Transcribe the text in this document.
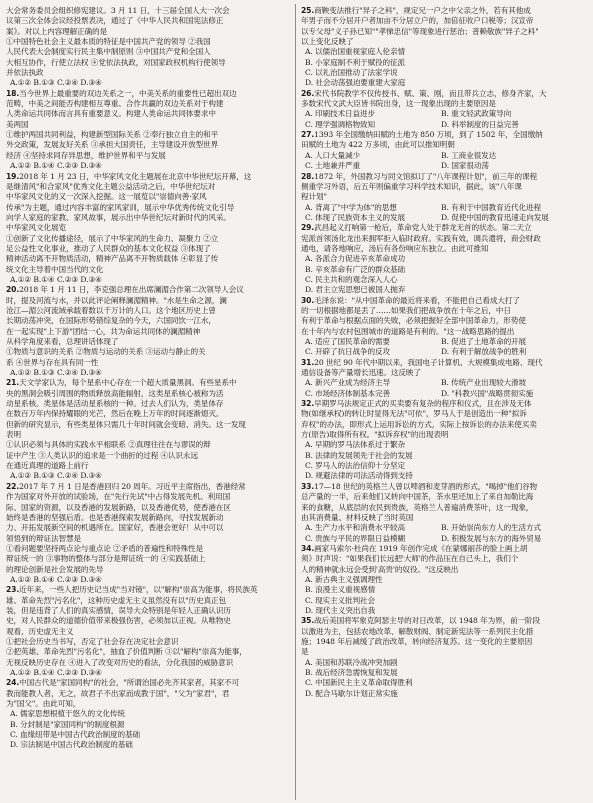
大会常务委员会组织修宪建议。3 月 11 日，十三届全国人大一次会
议第三次全体会议经投票表决，通过了《中华人民共和国宪法修正
案》。对以上内容理解正确的是
①中国特色社会主义最本质的特征是中国共产党的领导 ②我国
人民代表大会制度实行民主集中制原则 ③中国共产党和全国人
大相互协作，行使立法权 ④党依法执政，对国家政权机构行使领导
并依法执政
A.①② B.①③ C.②④ D.③④
18.当今世界上最重要的双边关系之一，中美关系的重要性已超出双边
范畴，中美之间能否构建相互尊重、合作共赢的双边关系对于构建
人类命运共同体而言具有重要意义。构建人类命运共同体要求中
美两国
①维护两国共同利益，构建新型国际关系 ②奉行独立自主的和平
外交政策，发展友好关系 ③承担大国责任，主导建设开放型世界
经济 ④坚持求同存异思想，维护世界和平与发展
A.①② B.①④ C.②③ D.③④
19.2018 年 1 月 23 日，中华家风文化主题展在北京中华世纪坛开幕，这
是继清风"和合家风"优秀文化主题公益活动之后，中华世纪坛对
中华家风文化的又一次深入挖掘。这一展览以"崇德向善·家风
传承"为主题，通过内容丰富的家风家训，展示中华优秀传统文化引导
向学人家庭的家教、家风故事，展示出中华世纪坛对新时代的风采。
中华家风文化展览
①创新了文化传播途径，展示了中华家风的生命力、凝聚力 ②立
足公益性文化事业，推动了人民群众的基本文化权益 ③体现了
精神活动离不开物质活动，精神产品离不开物质载体 ④彰显了传
统文化主导着中国当代的文化
A.①② B.①④ C.②③ D.③④
20.2018 年 1 月 11 日，李克强总理在出席澜湄合作第二次领导人会议
时，提及河流与水，并以此评论阐释澜湄精神。"水是生命之源，澜
沧江—湄公河流域承载着数以千万计的人口。这个地区历史上曾
长期动荡冲突，在国际形势错综复杂的今天，六国同饮一江水，
在一起实现"上下游"团结一心，共为命运共同体的澜湄精神
从科学角度来看，总理讲话体现了
①物质与意识的关系 ②物质与运动的关系 ③运动与静止的关
系 ④世界与存在具有同一性
A.①② B.①③ C.②④ D.③④
21.天文学家认为，每个星系中心存在一个超大质量黑洞。有些星系中
央的黑洞会吸引周围的物质释放高能辐射，这类星系核心被称为活
动星系核。类星体是活动星系核的一种。过去人们认为，类星体存
在数百万年内保持耀眼的光芒，然后在晚上万年的时间逐渐熄灭。
但新的研究显示，有些类星体只需几十年时间就会变暗、消失。这一发现
表明
①认识必须与具体的实践水平相联系 ②真理往往在与谬误的辩
证中产生 ③人类认识的追求是一个曲折的过程 ④认识永远
在通近真理的道路上前行
A.①② B.①③ C.②④ D.③④
22.2017 年 7 月 1 日是香港回归 20 周年。习近平主席指出，香港经常
作为国家对外开放的试验场，在"先行先试"中占得发展先机。利用国
际、国家的资源，以及香港的发展新路，以及香港优势，使香港在区
始终是香港的坚强后盾。也是香港探索发展新路向，寻找发展新动
力、开拓发展新空间的机遇所在。国家好，香港会更好！从中可以
领悟到的辩证法智慧是
①看问题要坚持两点论与重点论 ②矛盾的普遍性和特殊性是
辩证统一的 ③事物的整体与部分是辩证统一的 ④实践基础上
的理论创新是社会发展的先导
A.①② B.①④ C.②③ D.③④
23.近年来，一些人把历史记当成"当对镜"，以"解构"崇高为能事，将民族英
雄、革命先烈"污名化"，这种历史虚无主义虽然没有以"历史真正包
装，但是违背了人们的真实感情，误导大众特别是年轻人正确认识历
史，对人民群众的道德价值带来极强伤害，必须加以正视。从唯物史
观看，历史虚无主义
①把社会历史当书写，否定了社会存在决定社会意识
②把英雄、革命先烈"污名化"，抽血了价值判断 ③以"解构"崇高为能事，
无视反映历史存在 ④进入了改变对历史的看法，分化我国的威胁意识
A.①② B.①④ C.②③ D.③④
24.中国古代是"家国同构"的社会，"所谓治国必先齐其家者，其家不可
教而能教人者，无之，故君子不出家而成教于国"，"父为"家君"，君
为"国父"。由此可知，
A. 儒家思想根植于悠久的文化传统
B. 分封制是"家国同构"的制度根源
C. 血缘纽带是中国古代政治制度的基础
D. 宗法制是中国古代政治制度的基础
25.商鞅变法推行"异子之科"，规定兄一户之中父亲之外，若有其他成
年男子而不分居开户者加亩不分居立户的，加倍征收户口税等；汉宣帝
以专父母"义子孙已知""孝悌忠信"等现象进行惩治；普赖敬族"异子之科"
以上变化反映了
A. 以儒治国重视家庭人伦亲情
B. 小家庭制不利于赋役的征派
C. 以礼治国推动了法家学说
D. 社会动荡强迫要重建大家庭
26.宋代书院教学不仅传授书、赋、策、刚，而且带兵立志，修身齐家，大
多数宋代文武大臣皆书院出身，这一现象出现的主要原因是
A. 印刷技术日益进步	B. 重文轻武政策导向
C. 理学强调格物致知	D. 科举制度的日益完善
27.1393 年全国缴纳田赋的土地为 850 万顷，到了 1502 年，全国缴纳
田赋的土地为 422 万多顷，由此可以推知明朝
A. 人口大量减少	B. 工商业很发达
C. 土地兼并严重	D. 国家很动荡
28.1872 年，外国教习与同文馆拟订了"八年课程计划"，前三年的课程
侧重学习外语，后五年则偏重学习科学技术知识，据此，该"八年课
程计划"
A. 背离了"中学为体"的思想	B. 有利于中国教育近代化进程
C. 体现了民族资本主义的发展	D. 促使中国的教育迅速走向发展
29.武昌起义打响第一枪后，革命党人处于群龙无首的状态。第二天立
宪派首领汤化龙出来拥军拒入临时政府。实践有效，调兵遣将，商会财政
通电，请各地响应，汤后有各份响应东独立。由此可推知
A. 各派合力促进辛亥革命成功
B. 辛亥革命有广泛的群众基础
C. 民主共和的观念深入人心
D. 君主立宪思想已被国人抛弃
30.毛泽东说："从中国革命的最近将来看，不能把自己看成大打了
的一切根据地都是丢了……如果我们把战争放在十年之后，中日
有利于革命与根据点面的失败，必须把握好全部中国革命力，形势使
在十年内与农村包围城市的道路是有利的。"这一战略思路的提出
A. 适应了国民革命的需要	B. 促进了土地革命的开展
C. 开辟了抗日战争的反攻	D. 有利于解放战争的胜利
31.20 世纪 90 年代中期以来，我国电子计算机、大规模集成电路、现代
通信设备等产量增长迅速。这反映了
A. 新兴产业成为经济主导	B. 传统产业出现较大滑坡
C. 市场经济体制基本完善	D. "科教兴国"战略贯彻实施
32.早期罗马法规定正式的买卖要有复杂的程序和仪式，且在涉及无体
物(如继承权)的转让时显得无法"可依"，罗马人于是创造出一种"拟诉
弃权"的办法，即形式上运用诉讼的方式，实际上按诉讼的办法来使买卖
方(原告)取得所有权。"拟诉弃权"的出现表明
A. 早期的罗马法体系过于繁杂
B. 法律的发展领先于社会的发展
C. 罗马人的法治信仰十分坚定
D. 规避法律的司法活动得到支持
33.17—18 世纪的英格兰人曾以啤酒和麦芽酒的形式，"喝掉"他们谷物
总产量的一半，后来他们又转向中国茶，茶水里还加上了来自加勒比海
来的食糖，从底层的农民到贵族，英格兰人普遍消费茶叶，这一现象，
由其消费量、材料反映了当时英国
A. 生产力水平和消费水平较高	B. 开始崇尚东方人的生活方式
C. 贵族与平民的界限日益模糊	D. 积极发展与东方的海外贸易
34.画家马索尔·杜尚在 1919 年创作完成《在蒙娜丽莎的脸上画上胡
须》时声说："如果我们长远把'大师'的作品压在自己头上，我们个
人的精神就永远会受到'高贵'的奴役。"这反映出
A. 新古典主义强调理性
B. 浪漫主义重视感情
C. 现实主义批判社会
D. 现代主义突出自我
35.战后美国将军象克阿瑟主导的对日改革，以 1948 年为界，前一阶段
以激进为主，包括农地改革、解散财阀、制定新宪法等一系列民主化措
施；1948 年后减缓了政治改革，转向经济复苏。这一变化的主要原因
是
A. 美国和苏联冷战冲突加剧
B. 战后经济急需恢复和发展
C. 中国新民主主义革命取得胜利
D. 配合马歇尔计划正常实施
